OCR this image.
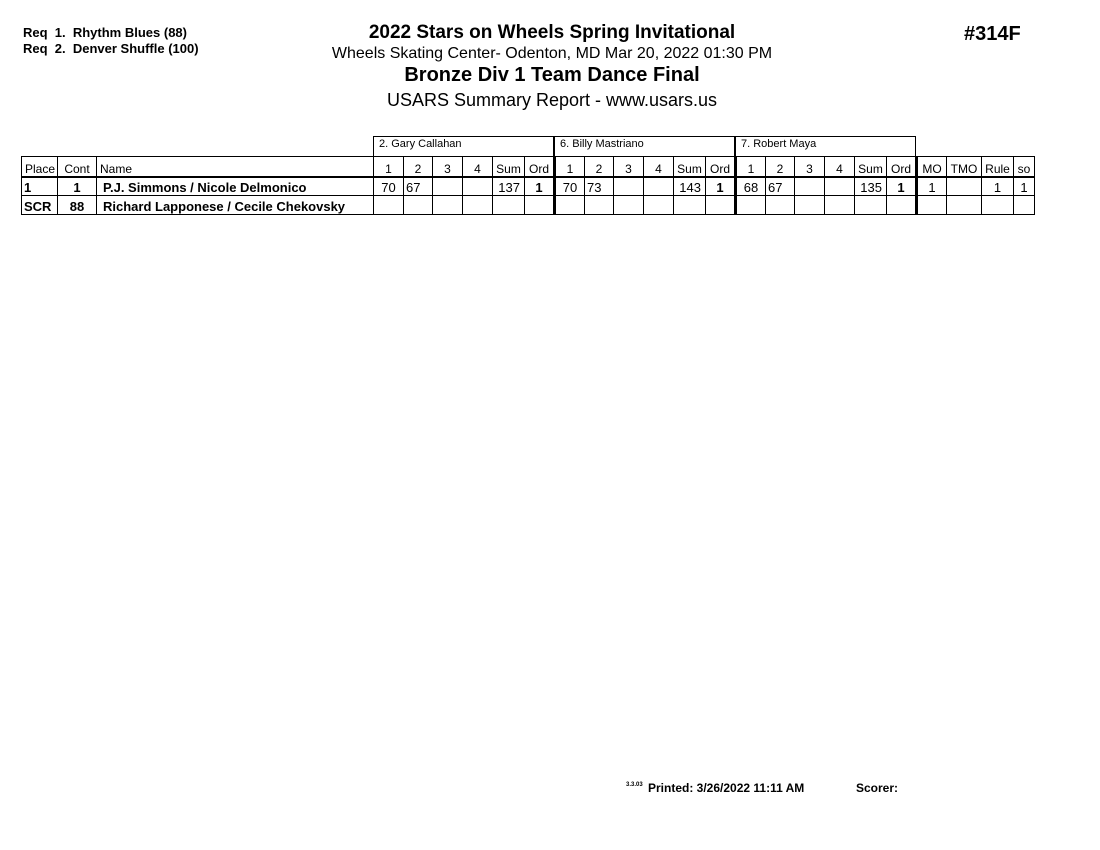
Req  1.  Rhythm Blues (88)
Req  2.  Denver Shuffle (100)
2022 Stars on Wheels Spring Invitational
Wheels Skating Center- Odenton, MD Mar 20, 2022 01:30 PM
Bronze Div 1 Team Dance Final
USARS Summary Report - www.usars.us
#314F
2. Gary Callahan	6. Billy Mastriano	7. Robert Maya
Place	Cont	Name	1	2	3	4	Sum	Ord	1	2	3	4	Sum	Ord	1	2	3	4	Sum	Ord	MO	TMO	Rule	so
1	1	P.J. Simmons / Nicole Delmonico	70	67			137	1	70	73			143	1	68	67			135	1	1		1	1
SCR	88	Richard Lapponese / Cecile Chekovsky																						
3.3.03 Printed: 3/26/2022 11:11 AM	Scorer:
